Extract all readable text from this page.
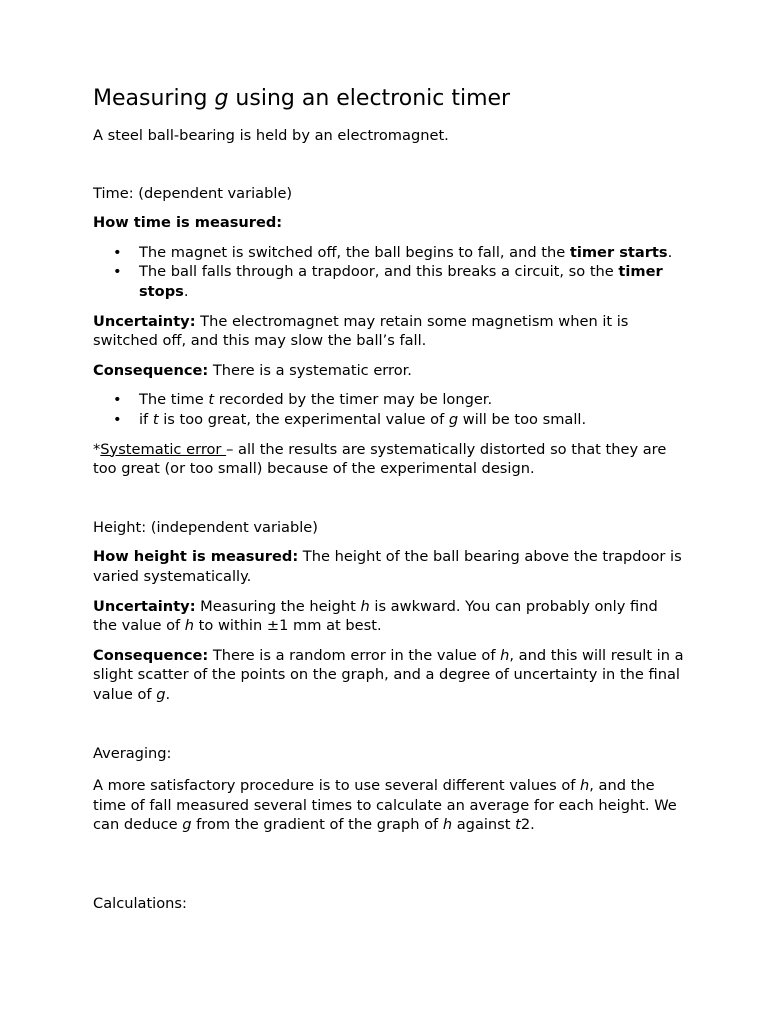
Measuring g using an electronic timer

A steel ball-bearing is held by an electromagnet.

Time: (dependent variable)

How time is measured:

• The magnet is switched off, the ball begins to fall, and the timer starts.
• The ball falls through a trapdoor, and this breaks a circuit, so the timer stops.

Uncertainty: The electromagnet may retain some magnetism when it is switched off, and this may slow the ball’s fall.

Consequence: There is a systematic error.

• The time t recorded by the timer may be longer.
• if t is too great, the experimental value of g will be too small.

*Systematic error – all the results are systematically distorted so that they are too great (or too small) because of the experimental design.

Height: (independent variable)

How height is measured: The height of the ball bearing above the trapdoor is varied systematically.

Uncertainty: Measuring the height h is awkward. You can probably only find the value of h to within ±1 mm at best.

Consequence: There is a random error in the value of h, and this will result in a slight scatter of the points on the graph, and a degree of uncertainty in the final value of g.

Averaging:

A more satisfactory procedure is to use several different values of h, and the time of fall measured several times to calculate an average for each height. We can deduce g from the gradient of the graph of h against t2.

Calculations:
